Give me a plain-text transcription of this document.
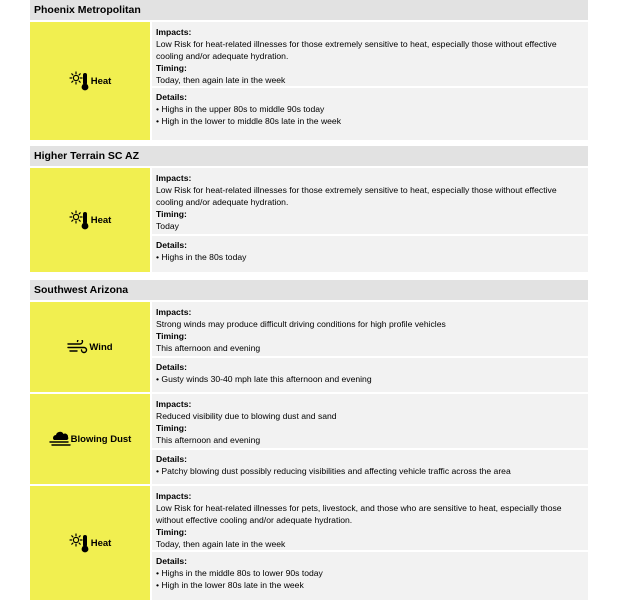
Phoenix Metropolitan
Heat
Impacts:
Low Risk for heat-related illnesses for those extremely sensitive to heat, especially those without effective cooling and/or adequate hydration.
Timing:
Today, then again late in the week
Details:
• Highs in the upper 80s to middle 90s today
• High in the lower to middle 80s late in the week
Higher Terrain SC AZ
Heat
Impacts:
Low Risk for heat-related illnesses for those extremely sensitive to heat, especially those without effective cooling and/or adequate hydration.
Timing:
Today
Details:
• Highs in the 80s today
Southwest Arizona
Wind
Impacts:
Strong winds may produce difficult driving conditions for high profile vehicles
Timing:
This afternoon and evening
Details:
• Gusty winds 30-40 mph late this afternoon and evening
Blowing Dust
Impacts:
Reduced visibility due to blowing dust and sand
Timing:
This afternoon and evening
Details:
• Patchy blowing dust possibly reducing visibilities and affecting vehicle traffic across the area
Heat
Impacts:
Low Risk for heat-related illnesses for pets, livestock, and those who are sensitive to heat, especially those without effective cooling and/or adequate hydration.
Timing:
Today, then again late in the week
Details:
• Highs in the middle 80s to lower 90s today
• High in the lower 80s late in the week
